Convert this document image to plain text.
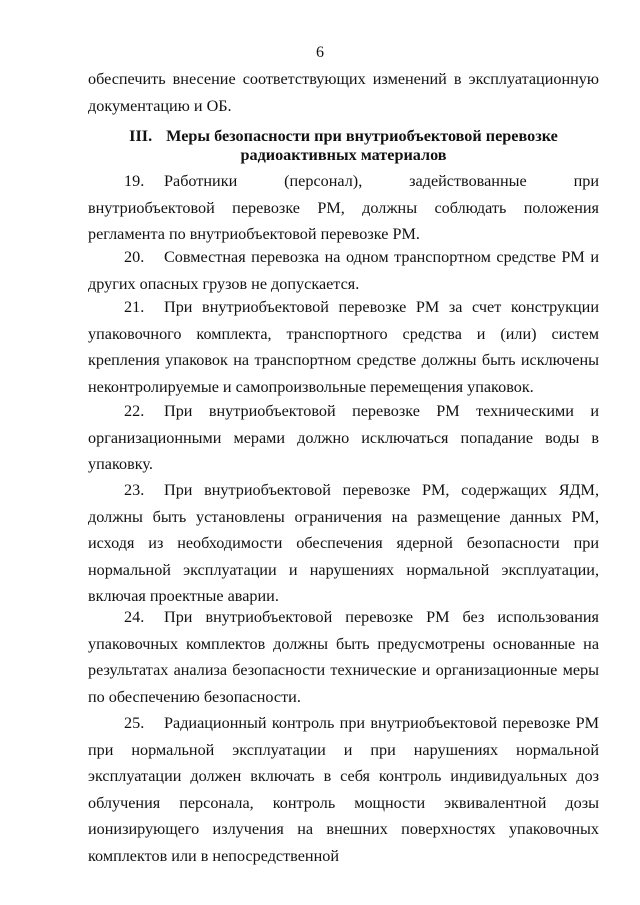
6

обеспечить внесение соответствующих изменений в эксплуатационную документацию и ОБ.

III. Меры безопасности при внутриобъектовой перевозке
радиоактивных материалов

19. Работники (персонал), задействованные при внутриобъектовой перевозке РМ, должны соблюдать положения регламента по внутриобъектовой перевозке РМ.

20. Совместная перевозка на одном транспортном средстве РМ и других опасных грузов не допускается.

21. При внутриобъектовой перевозке РМ за счет конструкции упаковочного комплекта, транспортного средства и (или) систем крепления упаковок на транспортном средстве должны быть исключены неконтролируемые и самопроизвольные перемещения упаковок.

22. При внутриобъектовой перевозке РМ техническими и организационными мерами должно исключаться попадание воды в упаковку.

23. При внутриобъектовой перевозке РМ, содержащих ЯДМ, должны быть установлены ограничения на размещение данных РМ, исходя из необходимости обеспечения ядерной безопасности при нормальной эксплуатации и нарушениях нормальной эксплуатации, включая проектные аварии.

24. При внутриобъектовой перевозке РМ без использования упаковочных комплектов должны быть предусмотрены основанные на результатах анализа безопасности технические и организационные меры по обеспечению безопасности.

25. Радиационный контроль при внутриобъектовой перевозке РМ при нормальной эксплуатации и при нарушениях нормальной эксплуатации должен включать в себя контроль индивидуальных доз облучения персонала, контроль мощности эквивалентной дозы ионизирующего излучения на внешних поверхностях упаковочных комплектов или в непосредственной
